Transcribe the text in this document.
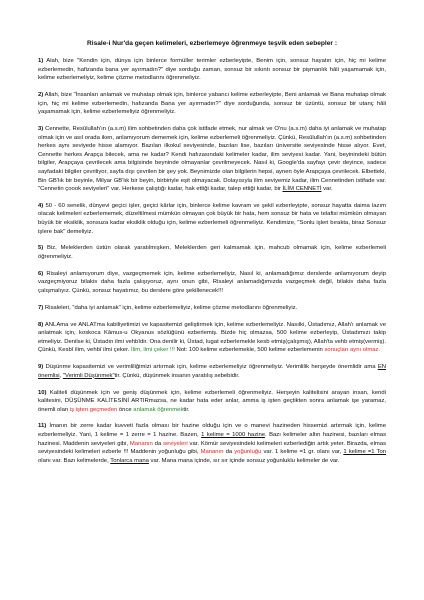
Risale-i Nur'da geçen kelimeleri, ezberlemeye öğrenmeye teşvik eden sebepler :
1) Alah, bize "Kendin için, dünya için binlerce formüller terimler ezberleyipte, Benim için, sonsuz hayatın için, hiç mi kelime ezberlemedin, hafizanda bana yer ayırmadın?" diye sorduğu zaman, sonsuz bir sıkıntı sonsuz bir pişmanlık hâli yaşamamak için, kelime ezberlemeliyiz, kelime çözme metodlarını öğrenmeliyiz.
2) Allah, bize "İnsanları anlamak ve muhatap olmak için, binlerce yabancı kelime ezberleyipte, Beni anlamak ve Bana muhatap olmak için, hiç mi kelime ezberlemedin, hafızanda Bana yer ayırmadın?" diye sorduğunda, sonsuz bir üzüntü, sonsuz bir utanç hâli yaşamamak için, kelime ezberlemeliyiz öğrenmeliyiz.
3) Cennette, Resûlullah'ın (a.s.m) ilim sohbetinden daha çok istifade etmek, nur almak ve O'nu (a.s.m) daha iyi anlamak ve muhatap olmak için ve asıl orada iken, anlamıyorum dememek için, kelime ezberlemeli öğrenmeliyiz. Çünkü, Resûlullah'ın (a.s.m) sohbetinden herkes aynı seviyede hisse alamıyor. Bazıları ilkokul seviyesinde, bazıları lise, bazıları üniversite seviyesinde hisse alıyor. Evet, Cennette herkes Arapça bilecek, ama ne kadar? Kendi hafızasındaki kelimeler kadar, ilim seviyesi kadar. Yani, beyinindeki bütün bilgiler, Arapçaya çevrilecek ama bilgisinde beyninde olmayanlar çevrilmeyecek. Nasıl ki, Google'da sayfayı çevir deyince, sadece sayfadaki bilgiler çevriliyor, sayfa dışı çevrilen bir şey yok. Beynimizde olan bilgilerin hepsi, aynen öyle Arapçaya çevrilecek. Elbetteki, Bin GB'lık bir beyinle, Milyar GB'lık bir beyin, birbiriyle eşit olmayacak. Dolayısıyla ilim seviyemiz kadar, ilim Cennetinden istifade var. "Cennetin çoook seviyeleri" var. Herkese çalıştığı kadar, hak ettiği kadar, talep ettiği kadar, bir İLİM CENNETİ var.
4) 50 - 60 senelik, dünyevi geçici işler, geçici kârlar için, binlerce kelime kavram ve şekil ezberleyipte, sonsuz hayatta daima lazım olacak kelimeleri ezberlememek, düzeltilmesi mümkün olmayan çok büyük bir hata, hem sonsuz bir hata ve telafisi mümkün olmayan büyük bir eksiklik, sonsuza kadar eksiklik olduğu için, kelime ezberlemeli öğrenmeliyiz. Kendimize, "Sonlu işleri bırakta, biraz Sonsuz işlere bak" demeliyiz.
5) Biz, Meleklerden üstün olarak yaratılmışken, Meleklerden geri kalmamak için, mahcub olmamak için, kelime ezberlemeli öğrenmeliyiz.
6) Risaleyi anlamıyorum diye, vazgeçmemek için, kelime ezberlemeliyiz, Nasıl ki, anlamadığımız derslerde anlamıyorum deyip vazgeçmiyoruz bilakis daha fazla çalışıyoruz, aynı onun gibi, Risaleyi anlamadığımızda vazgeçmek değil, bilakis daha fazla çalışmalıyız. Çünkü, sonsuz hayatımız, bu derslere göre şekillenecek!!!
7) Risaleleri, "daha iyi anlamak" için, kelime ezberlemeliyiz, kelime çözme metodlarını öğrenmeliyiz.
8) ANLAma ve ANLATma kabiliyetimizi ve kapasitemizi geliştirmek için, kelime ezberlemeliyiz. Nasılki, Üstadımız, Allah'ı anlamak ve anlatmak için, koskoca Kâmus-u Okyanus sözlüğünü ezberlemiş. Bizde hiç olmazsa, 500 kelime ezberleyip, Üstadımızı takip etmeliyiz. Denilse ki, Üstadın ilmi vehbîdir. Ona denilir ki, Üstad, lugat ezberlemekle kesb etmiş(çalışmış), Allah'ta vehb etmiş(vermiş). Çünkü, Kesbî ilim, vehbî ilmi çeker. İlim, ilmi çeker !!! Not: 100 kelime ezberlemekle, 500 kelime ezberlemenin sonuçları aynı olmaz.
9) Düşünme kapasitemizi ve verimliliğimizi artırmak için, kelime ezberlemeliyiz öğrenmeliyiz. Verimlilik herşeyde önemlidir ama EN önemlisi, "Verimli Düşünmek"tir. Çünkü, düşünmek insanın yaratılış sebebidir.
10) Kaliteli düşünmek için ve geniş düşünmek için, kelime ezberlemeli öğrenmeliyiz. Herşeyin kalitelisini arayan insan, kendi kalitesini, DÜŞÜNME KALİTESİNİ ARTIRmazsa, ne kadar hata eder anlar, amma iş işten geçtikten sonra anlamak işe yaramaz, önemli olan iş işten geçmeden önce anlamak öğrenmektir.
11) İmanın bir zerre kadar kuvveti fazla olması bir hazine olduğu için ve o manevi hazineden hissemizi artırmak için, kelime ezberlemeliyiz. Yani, 1 kelime = 1 zerre = 1 hazine. Bazen, 1 kelime = 1000 hazine. Bazı kelimeler altın hazinesi, bazıları elmas hazinesi. Maddenin seviyeleri gibi, Mananın da seviyeleri var. Kömür seviyesindeki kelimeleri ezberlediğin artık yeter. Birazda, elmas seviyesindeki kelimeleri ezberle !!! Maddenin yoğunluğu gibi, Mananın da yoğunluğu var. 1 kelime =1 gr. olanı var, 1 kelime =1 Ton olanı var. Bazı kelimelerde, Tonlarca mana var. Mana mana içinde, sır sır içinde sonsuz yoğunluklu kelimeler de var.
